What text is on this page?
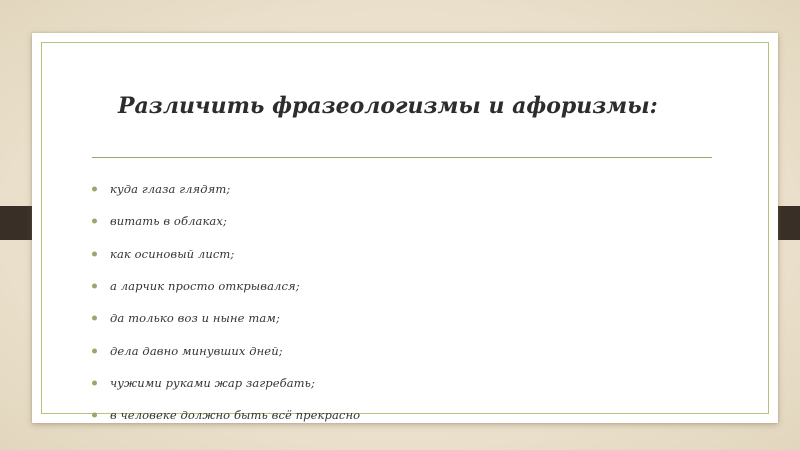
Различить фразеологизмы и афоризмы:
куда глаза глядят;
витать в облаках;
как осиновый лист;
а ларчик просто открывался;
да только воз и ныне там;
дела давно минувших дней;
чужими руками жар загребать;
в человеке должно быть всё прекрасно
